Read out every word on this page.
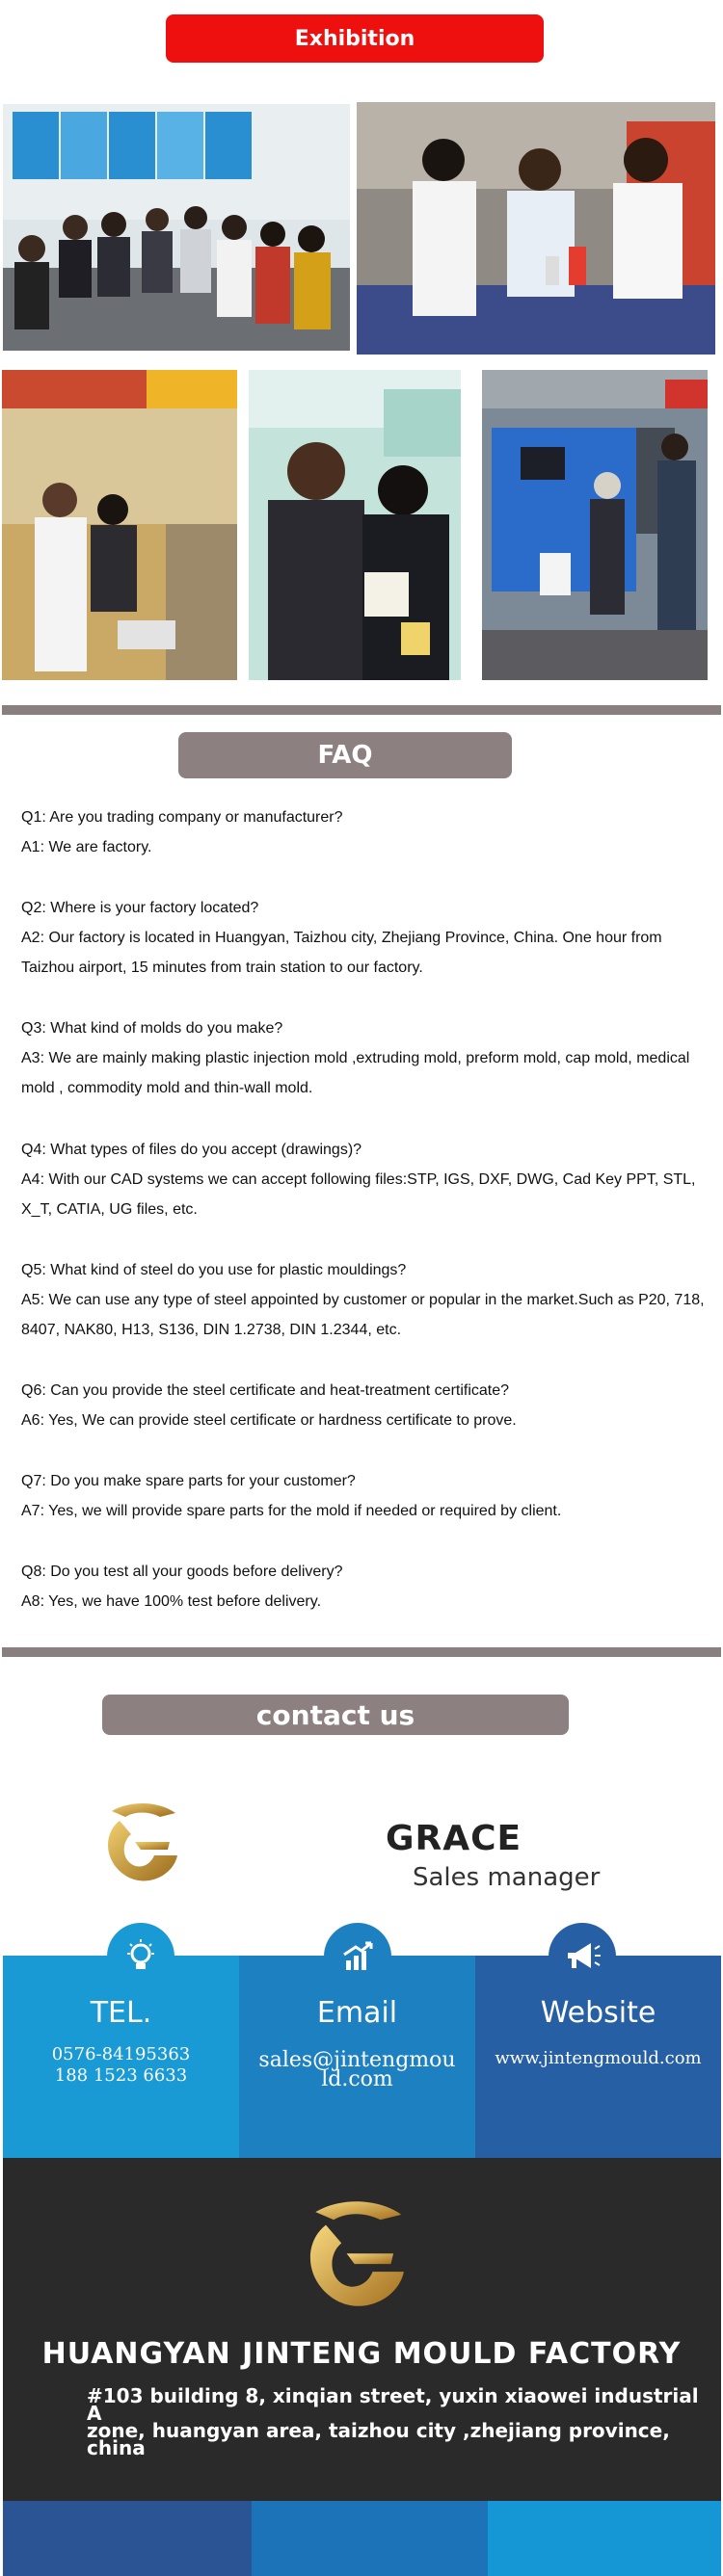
Exhibition
FAQ

Q1: Are you trading company or manufacturer?

A1: We are factory.

Q2: Where is your factory located?

A2: Our factory is located in Huangyan, Taizhou city, Zhejiang Province, China. One hour from Taizhou airport, 15 minutes from train station to our factory.

Q3: What kind of molds do you make?

A3: We are mainly making plastic injection mold ,extruding mold, preform mold, cap mold, medical mold , commodity mold and thin-wall mold.

Q4: What types of files do you accept (drawings)?

A4: With our CAD systems we can accept following files:STP, IGS, DXF, DWG, Cad Key PPT, STL, X_T, CATIA, UG files, etc.

Q5: What kind of steel do you use for plastic mouldings?

A5: We can use any type of steel appointed by customer or popular in the market.Such as P20, 718, 8407, NAK80, H13, S136, DIN 1.2738, DIN 1.2344, etc.

Q6: Can you provide the steel certificate and heat-treatment certificate?

A6: Yes, We can provide steel certificate or hardness certificate to prove.

Q7: Do you make spare parts for your customer?

A7: Yes, we will provide spare parts for the mold if needed or required by client.

Q8: Do you test all your goods before delivery?

A8: Yes, we have 100% test before delivery.

contact us
GRACE
Sales manager
TEL.
0576-84195363
188 1523 6633
Email
sales@jintengmou
ld.com
Website
www.jintengmould.com
HUANGYAN JINTENG MOULD FACTORY
#103 building 8, xinqian street, yuxin xiaowei industrial A
zone, huangyan area, taizhou city ,zhejiang province, china
